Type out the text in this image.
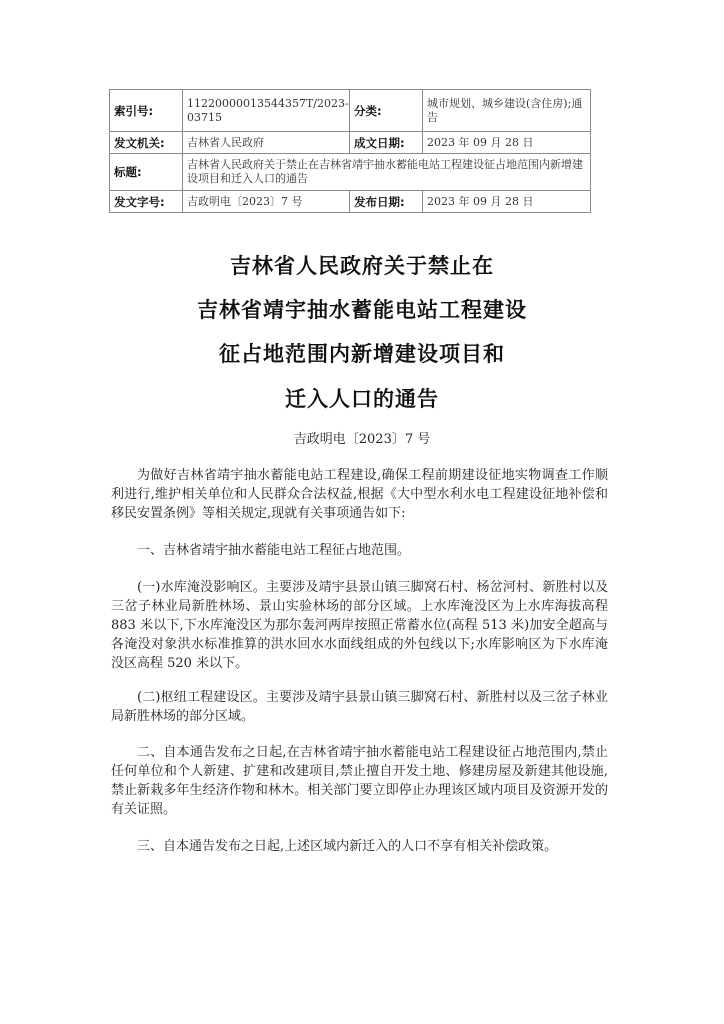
索引号:	11220000013544357T/2023-03715	分类:	城市规划、城乡建设(含住房);通告
发文机关:	吉林省人民政府	成文日期:	2023 年 09 月 28 日
标题:	吉林省人民政府关于禁止在吉林省靖宇抽水蓄能电站工程建设征占地范围内新增建设项目和迁入人口的通告		
发文字号:	吉政明电〔2023〕7 号	发布日期:	2023 年 09 月 28 日
吉林省人民政府关于禁止在
吉林省靖宇抽水蓄能电站工程建设
征占地范围内新增建设项目和
迁入人口的通告
吉政明电〔2023〕7 号

为做好吉林省靖宇抽水蓄能电站工程建设,确保工程前期建设征地实物调查工作顺利进行,维护相关单位和人民群众合法权益,根据《大中型水利水电工程建设征地补偿和移民安置条例》等相关规定,现就有关事项通告如下:

一、吉林省靖宇抽水蓄能电站工程征占地范围。

(一)水库淹没影响区。主要涉及靖宇县景山镇三脚窝石村、杨岔河村、新胜村以及三岔子林业局新胜林场、景山实验林场的部分区域。上水库淹没区为上水库海拔高程 883 米以下,下水库淹没区为那尔轰河两岸按照正常蓄水位(高程 513 米)加安全超高与各淹没对象洪水标准推算的洪水回水水面线组成的外包线以下;水库影响区为下水库淹没区高程 520 米以下。

(二)枢纽工程建设区。主要涉及靖宇县景山镇三脚窝石村、新胜村以及三岔子林业局新胜林场的部分区域。

二、自本通告发布之日起,在吉林省靖宇抽水蓄能电站工程建设征占地范围内,禁止任何单位和个人新建、扩建和改建项目,禁止擅自开发土地、修建房屋及新建其他设施,禁止新栽多年生经济作物和林木。相关部门要立即停止办理该区域内项目及资源开发的有关证照。

三、自本通告发布之日起,上述区域内新迁入的人口不享有相关补偿政策。
